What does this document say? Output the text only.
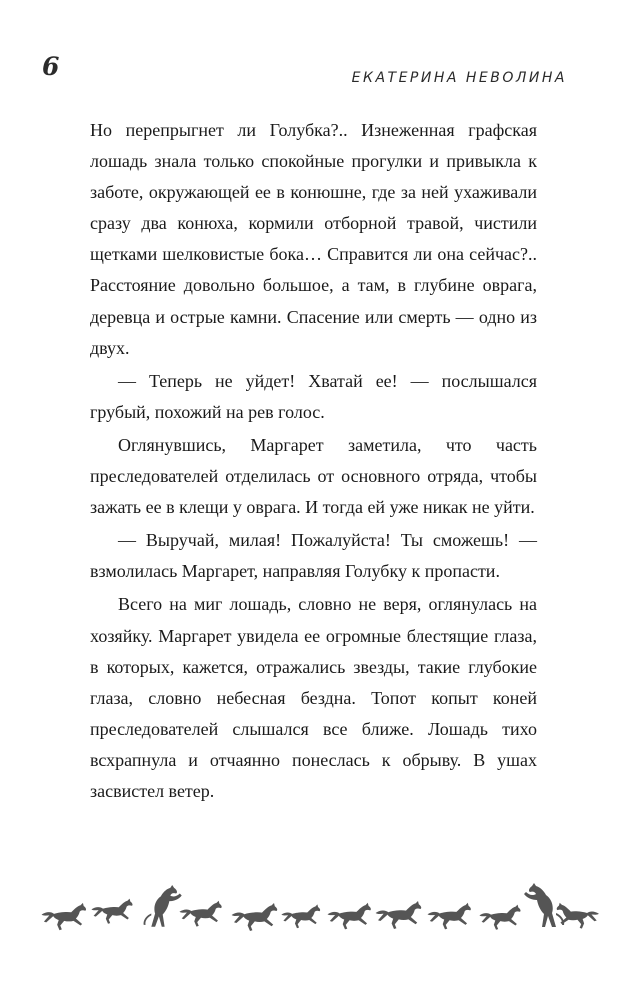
6	ЕКАТЕРИНА НЕВОЛИНА

Но перепрыгнет ли Голубка?.. Изнеженная графская лошадь знала только спокойные прогулки и привыкла к заботе, окружающей ее в конюшне, где за ней ухаживали сразу два конюха, кормили отборной травой, чистили щетками шелковистые бока… Справится ли она сейчас?.. Расстояние довольно большое, а там, в глубине оврага, деревца и острые камни. Спасение или смерть — одно из двух.

— Теперь не уйдет! Хватай ее! — послышался грубый, похожий на рев голос.

Оглянувшись, Маргарет заметила, что часть преследователей отделилась от основного отряда, чтобы зажать ее в клещи у оврага. И тогда ей уже никак не уйти.

— Выручай, милая! Пожалуйста! Ты сможешь! — взмолилась Маргарет, направляя Голубку к пропасти.

Всего на миг лошадь, словно не веря, оглянулась на хозяйку. Маргарет увидела ее огромные блестящие глаза, в которых, кажется, отражались звезды, такие глубокие глаза, словно небесная бездна. Топот копыт коней преследователей слышался все ближе. Лошадь тихо всхрапнула и отчаянно понеслась к обрыву. В ушах засвистел ветер.
